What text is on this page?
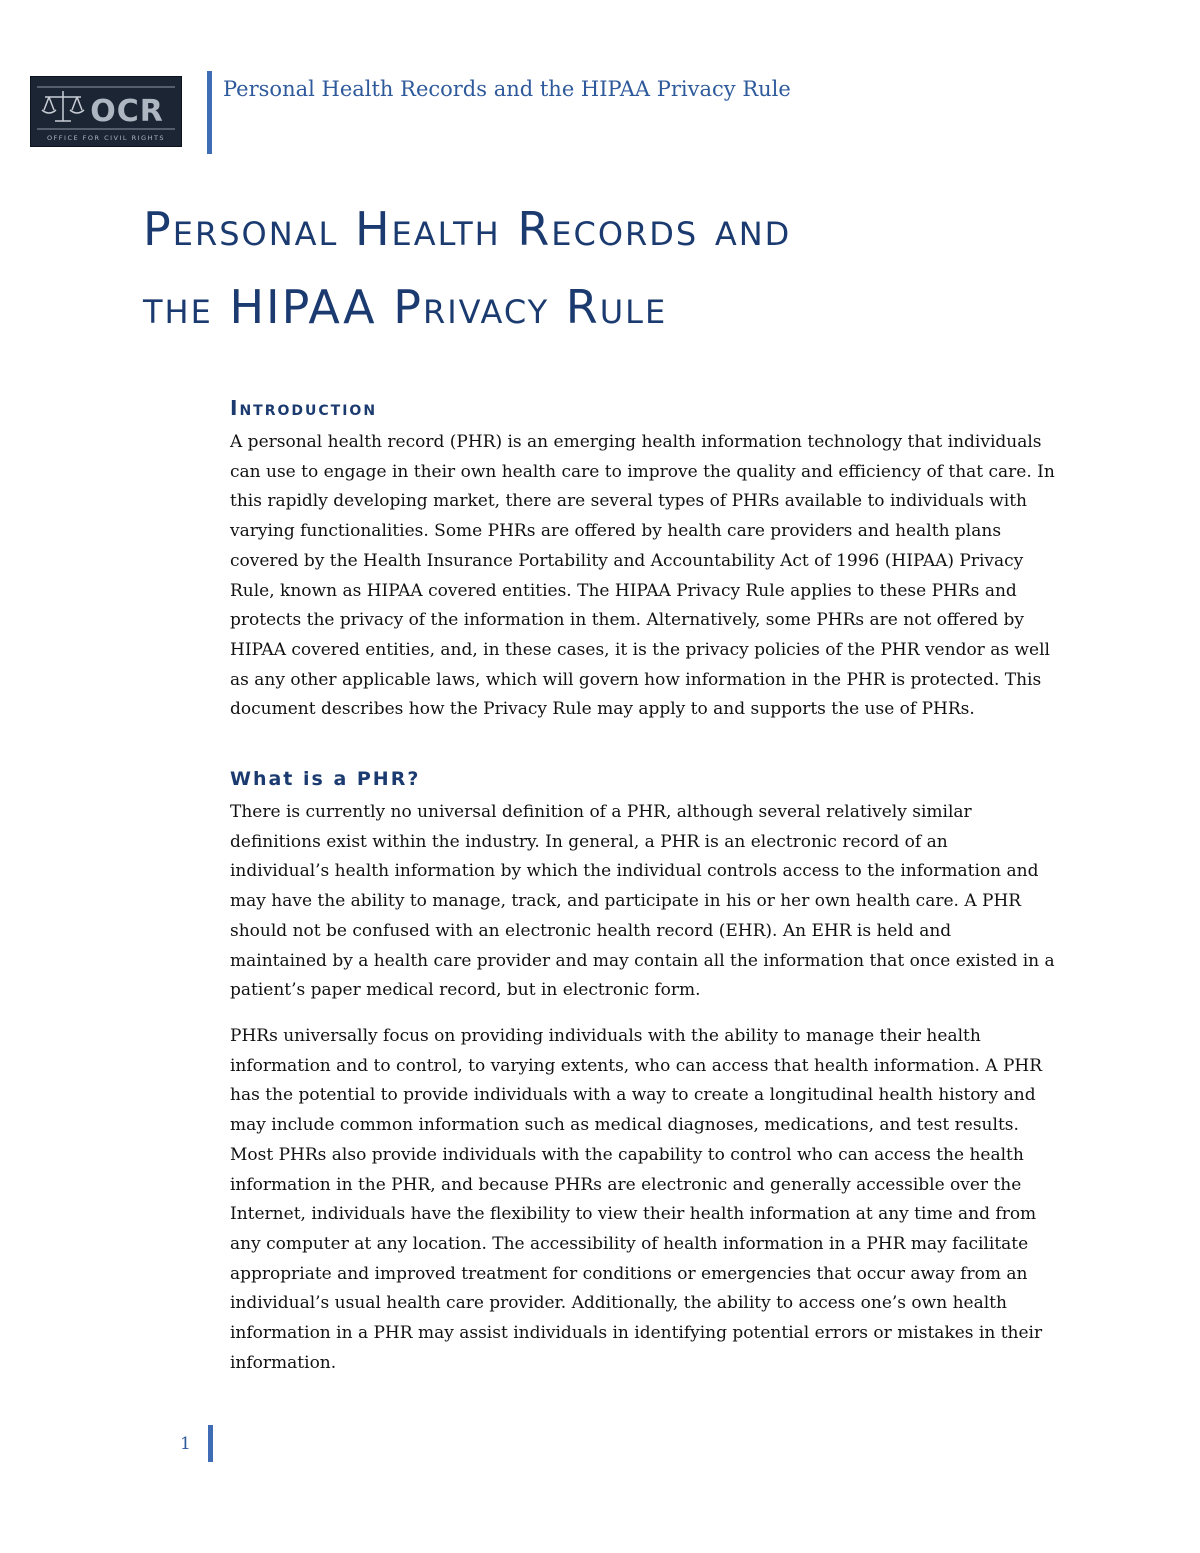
OCR
OFFICE FOR CIVIL RIGHTS
Personal Health Records and the HIPAA Privacy Rule
Personal Health Records and
the HIPAA Privacy Rule
Introduction

A personal health record (PHR) is an emerging health information technology that individuals
can use to engage in their own health care to improve the quality and efficiency of that care. In
this rapidly developing market, there are several types of PHRs available to individuals with
varying functionalities. Some PHRs are offered by health care providers and health plans
covered by the Health Insurance Portability and Accountability Act of 1996 (HIPAA) Privacy
Rule, known as HIPAA covered entities. The HIPAA Privacy Rule applies to these PHRs and
protects the privacy of the information in them. Alternatively, some PHRs are not offered by
HIPAA covered entities, and, in these cases, it is the privacy policies of the PHR vendor as well
as any other applicable laws, which will govern how information in the PHR is protected. This
document describes how the Privacy Rule may apply to and supports the use of PHRs.

What is a PHR?

There is currently no universal definition of a PHR, although several relatively similar
definitions exist within the industry. In general, a PHR is an electronic record of an
individual’s health information by which the individual controls access to the information and
may have the ability to manage, track, and participate in his or her own health care. A PHR
should not be confused with an electronic health record (EHR). An EHR is held and
maintained by a health care provider and may contain all the information that once existed in a
patient’s paper medical record, but in electronic form.

PHRs universally focus on providing individuals with the ability to manage their health
information and to control, to varying extents, who can access that health information. A PHR
has the potential to provide individuals with a way to create a longitudinal health history and
may include common information such as medical diagnoses, medications, and test results.
Most PHRs also provide individuals with the capability to control who can access the health
information in the PHR, and because PHRs are electronic and generally accessible over the
Internet, individuals have the flexibility to view their health information at any time and from
any computer at any location. The accessibility of health information in a PHR may facilitate
appropriate and improved treatment for conditions or emergencies that occur away from an
individual’s usual health care provider. Additionally, the ability to access one’s own health
information in a PHR may assist individuals in identifying potential errors or mistakes in their
information.

1
